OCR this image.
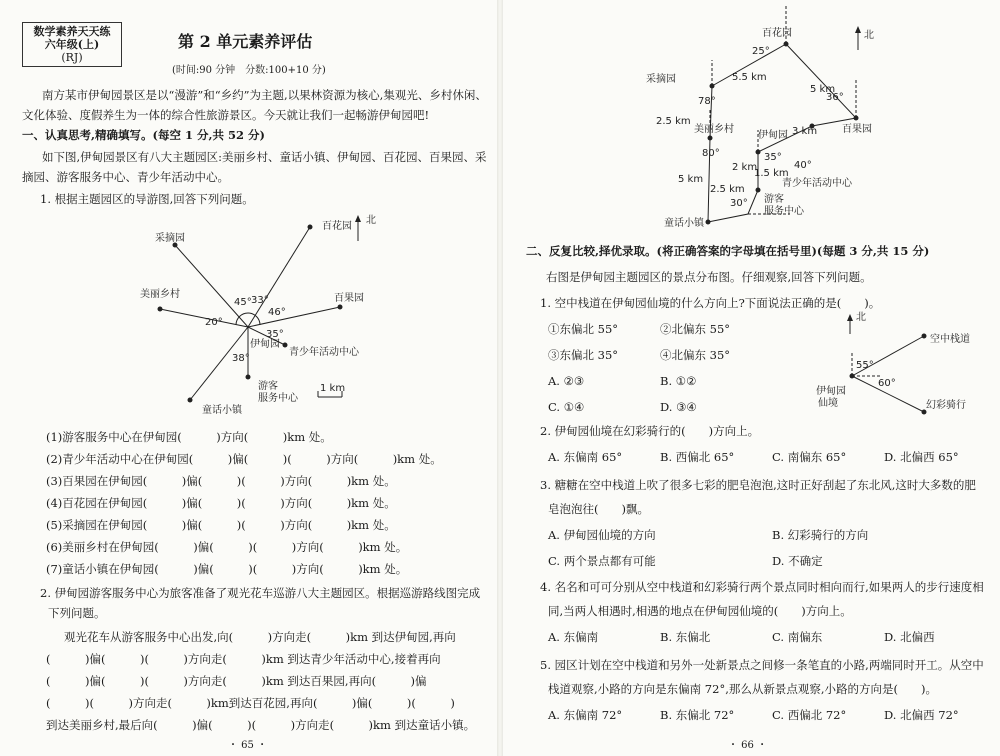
数学素养天天练
六年级(上)
(RJ)
第 2 单元素养评估
(时间:90 分钟　分数:100+10 分)
南方某市伊甸园景区是以“漫游”和“乡约”为主题,以果林资源为核心,集观光、乡村休闲、
文化体验、度假养生为一体的综合性旅游景区。今天就让我们一起畅游伊甸园吧!
一、认真思考,精确填写。(每空 1 分,共 52 分)
如下图,伊甸园景区有八大主题园区:美丽乡村、童话小镇、伊甸园、百花园、百果园、采
摘园、游客服务中心、青少年活动中心。
1. 根据主题园区的导游图,回答下列问题。
北
百花园
采摘园
美丽乡村	百果园
青少年活动中心
伊甸园
游客
服务中心
童话小镇
1 km
45° 33°
46°
20°
35°
38°
(1)游客服务中心在伊甸园(　　　)方向(　　　)km 处。
(2)青少年活动中心在伊甸园(　　　)偏(　　　)(　　　)方向(　　　)km 处。
(3)百果园在伊甸园(　　　)偏(　　　)(　　　)方向(　　　)km 处。
(4)百花园在伊甸园(　　　)偏(　　　)(　　　)方向(　　　)km 处。
(5)采摘园在伊甸园(　　　)偏(　　　)(　　　)方向(　　　)km 处。
(6)美丽乡村在伊甸园(　　　)偏(　　　)(　　　)方向(　　　)km 处。
(7)童话小镇在伊甸园(　　　)偏(　　　)(　　　)方向(　　　)km 处。
2. 伊甸园游客服务中心为旅客准备了观光花车巡游八大主题园区。根据巡游路线图完成
下列问题。
观光花车从游客服务中心出发,向(　　　)方向走(　　　)km 到达伊甸园,再向
(　　　)偏(　　　)(　　　)方向走(　　　)km 到达青少年活动中心,接着再向
(　　　)偏(　　　)(　　　)方向走(　　　)km 到达百果园,再向(　　　)偏
(　　　)(　　　)方向走(　　　)km到达百花园,再向(　　　)偏(　　　)(　　　)
到达美丽乡村,最后向(　　　)偏(　　　)(　　　)方向走(　　　)km 到达童话小镇。
・ 65 ・
北
百花园
采摘园
百果园
美丽乡村
伊甸园
青少年活动中心
游客
服务中心
童话小镇
5.5 km
5 km
2.5 km
3 km
5 km
2 km
1.5 km
2.5 km
25°
36°
78°
80°	35°
40°
30°
二、反复比较,择优录取。(将正确答案的字母填在括号里)(每题 3 分,共 15 分)
右图是伊甸园主题园区的景点分布图。仔细观察,回答下列问题。
1. 空中栈道在伊甸园仙境的什么方向上?下面说法正确的是(　　)。
①东偏北 55°	②北偏东 55°
③东偏北 35°	④北偏东 35°
A. ②③	B. ①②
C. ①④	D. ③④
北
空中栈道
伊甸园
仙境	幻彩骑行
55°
60°
2. 伊甸园仙境在幻彩骑行的(　　)方向上。
A. 东偏南 65°	B. 西偏北 65°	C. 南偏东 65°	D. 北偏西 65°
3. 糖糖在空中栈道上吹了很多七彩的肥皂泡泡,这时正好刮起了东北风,这时大多数的肥
皂泡泡往(　　)飘。
A. 伊甸园仙境的方向	B. 幻彩骑行的方向
C. 两个景点都有可能	D. 不确定
4. 名名和可可分别从空中栈道和幻彩骑行两个景点同时相向而行,如果两人的步行速度相
同,当两人相遇时,相遇的地点在伊甸园仙境的(　　)方向上。
A. 东偏南	B. 东偏北	C. 南偏东	D. 北偏西
5. 园区计划在空中栈道和另外一处新景点之间修一条笔直的小路,两端同时开工。从空中
栈道观察,小路的方向是东偏南 72°,那么从新景点观察,小路的方向是(　　)。
A. 东偏南 72°	B. 东偏北 72°	C. 西偏北 72°	D. 北偏西 72°
・ 66 ・
